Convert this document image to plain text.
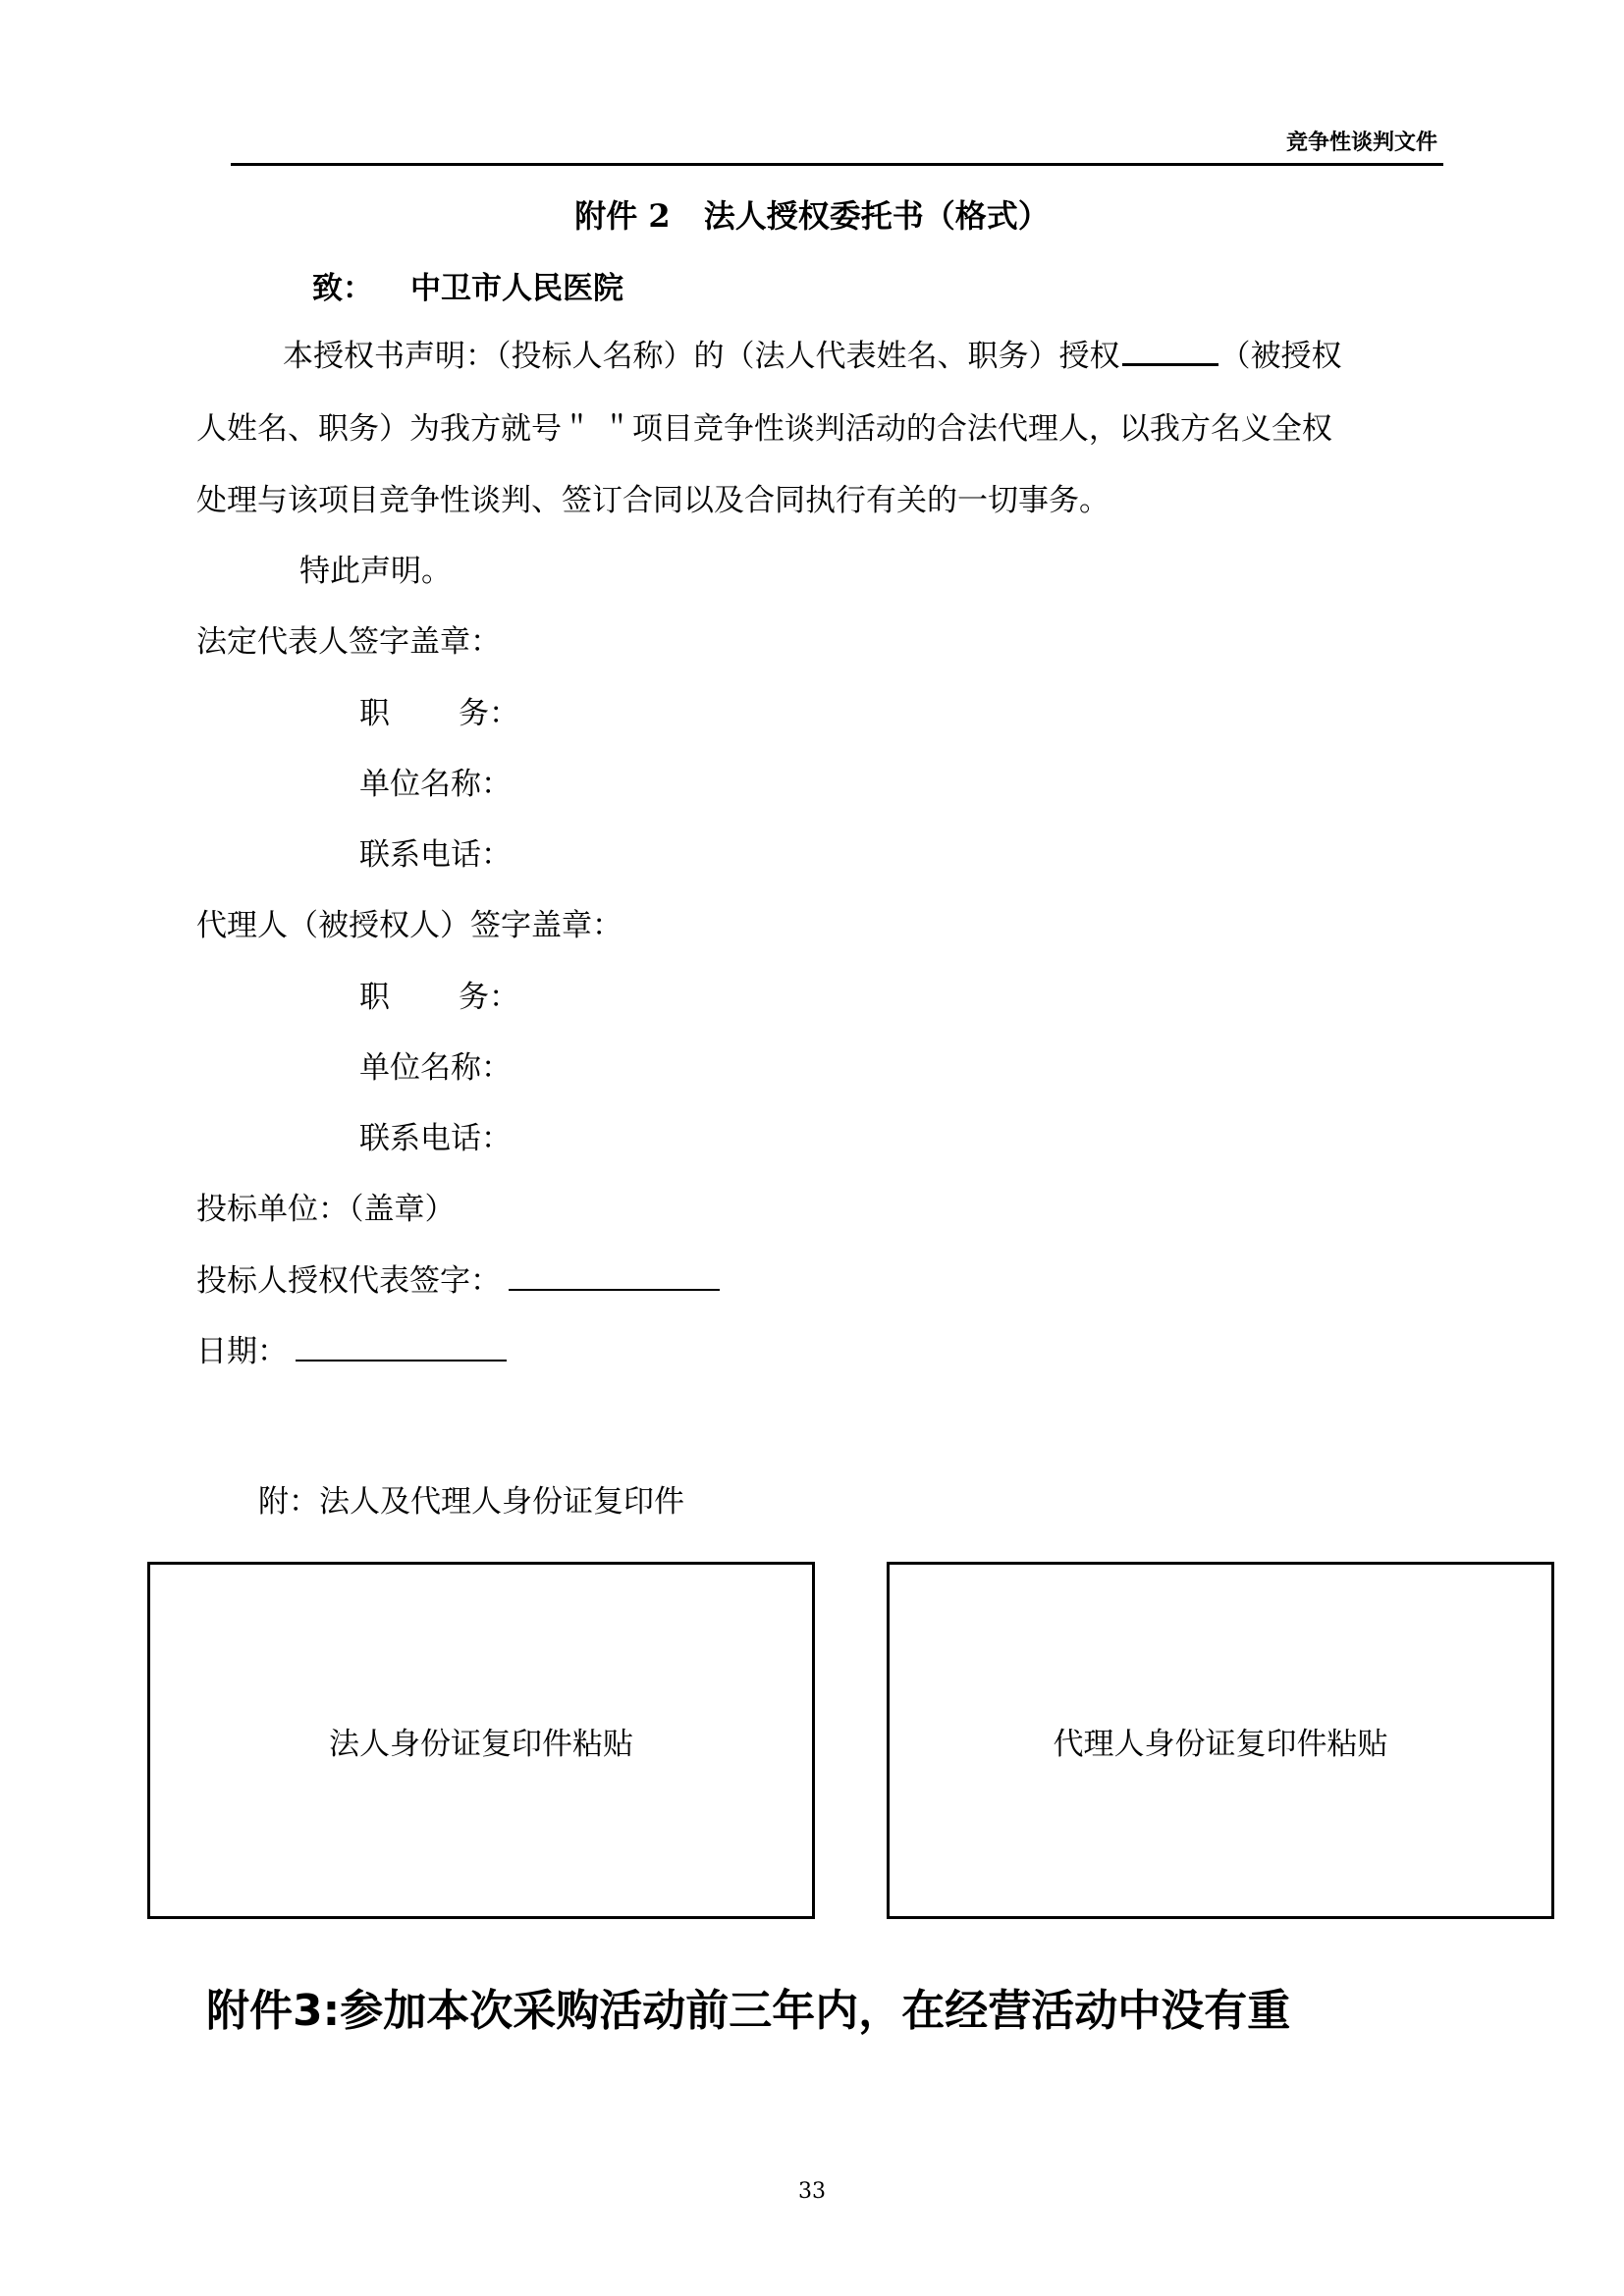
竞争性谈判文件
附件 2 法人授权委托书（格式）
致： 中卫市人民医院
本授权书声明：（投标人名称）的（法人代表姓名、职务）授权	（被授权
人姓名、职务）为我方就号＂ ＂项目竞争性谈判活动的合法代理人，以我方名义全权
处理与该项目竞争性谈判、签订合同以及合同执行有关的一切事务。
特此声明。
法定代表人签字盖章：
职 务：
单位名称：
联系电话：
代理人（被授权人）签字盖章：
职 务：
单位名称：
联系电话：
投标单位：（盖章）
投标人授权代表签字：
日期：
附：法人及代理人身份证复印件
法人身份证复印件粘贴	代理人身份证复印件粘贴
附件3:参加本次采购活动前三年内，在经营活动中没有重
33
